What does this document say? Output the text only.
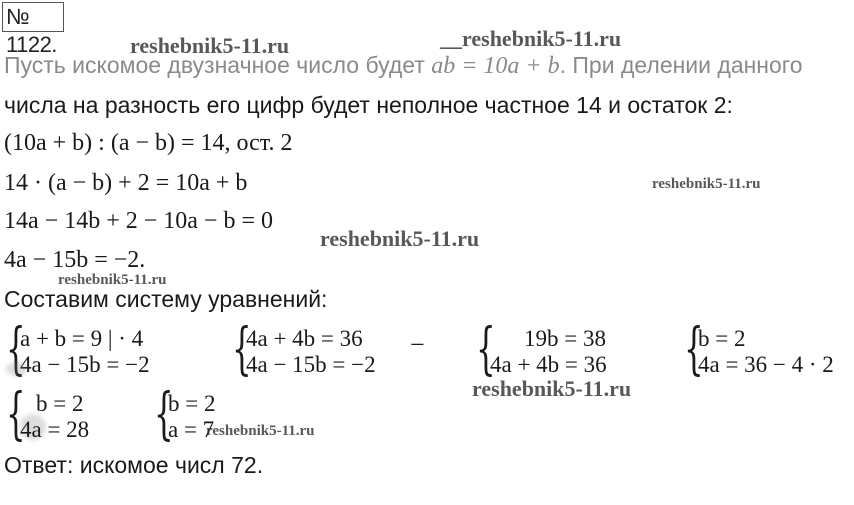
№ 1122.	reshebnik5-11.ru	__reshebnik5-11.ru
reshebnik5-11.ru
reshebnik5-11.ru
reshebnik5-11.ru
reshebnik5-11.ru
reshebnik5-11.ru
Пусть искомое двузначное число будет ab = 10a + b. При делении данного
числа на разность его цифр будет неполное частное 14 и остаток 2:
(10a + b) : (a − b) = 14, ост. 2
14 · (a − b) + 2 = 10a + b
14a − 14b + 2 − 10a − b = 0
4a − 15b = −2.
Составим систему уравнений:
{
a + b = 9 | · 4
4a − 15b = −2 {
4a + 4b = 36
4a − 15b = −2
− {	19b = 38
4a + 4b = 36 {
b = 2
4a = 36 − 4 · 2
{ b = 2
4a = 28 {
b = 2
a = 7
Ответ: искомое числ 72.
